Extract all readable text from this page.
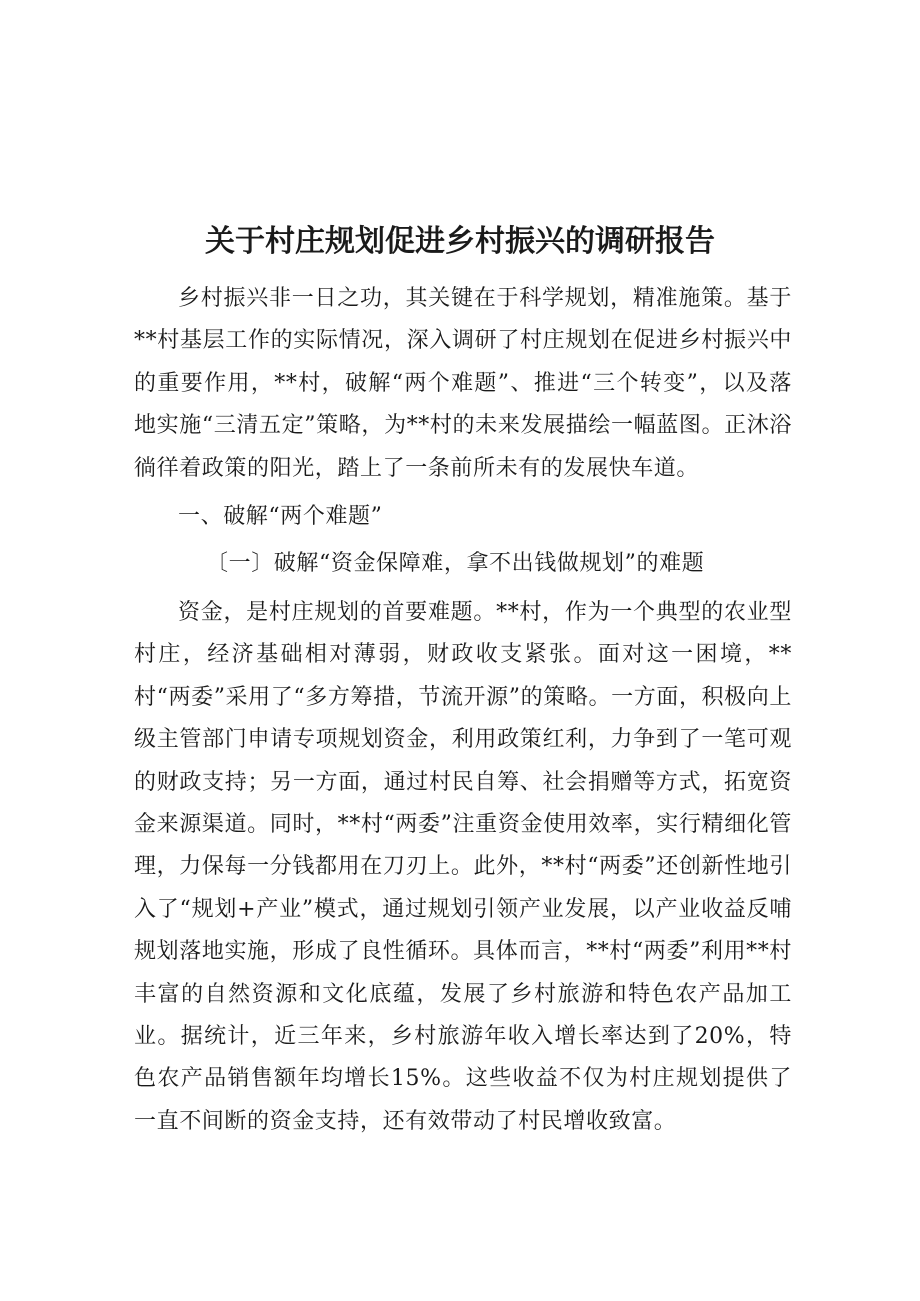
关于村庄规划促进乡村振兴的调研报告

乡村振兴非一日之功，其关键在于科学规划，精准施策。基于**村基层工作的实际情况，深入调研了村庄规划在促进乡村振兴中的重要作用，**村，破解“两个难题”、推进“三个转变”，以及落地实施“三清五定”策略，为**村的未来发展描绘一幅蓝图。正沐浴徜徉着政策的阳光，踏上了一条前所未有的发展快车道。

一、破解“两个难题”

〔一〕破解“资金保障难，拿不出钱做规划”的难题

资金，是村庄规划的首要难题。**村，作为一个典型的农业型村庄，经济基础相对薄弱，财政收支紧张。面对这一困境，**村“两委”采用了“多方筹措，节流开源”的策略。一方面，积极向上级主管部门申请专项规划资金，利用政策红利，力争到了一笔可观的财政支持；另一方面，通过村民自筹、社会捐赠等方式，拓宽资金来源渠道。同时，**村“两委”注重资金使用效率，实行精细化管理，力保每一分钱都用在刀刃上。此外，**村“两委”还创新性地引入了“规划+产业”模式，通过规划引领产业发展，以产业收益反哺规划落地实施，形成了良性循环。具体而言，**村“两委”利用**村丰富的自然资源和文化底蕴，发展了乡村旅游和特色农产品加工业。据统计，近三年来，乡村旅游年收入增长率达到了20%，特色农产品销售额年均增长15%。这些收益不仅为村庄规划提供了一直不间断的资金支持，还有效带动了村民增收致富。
